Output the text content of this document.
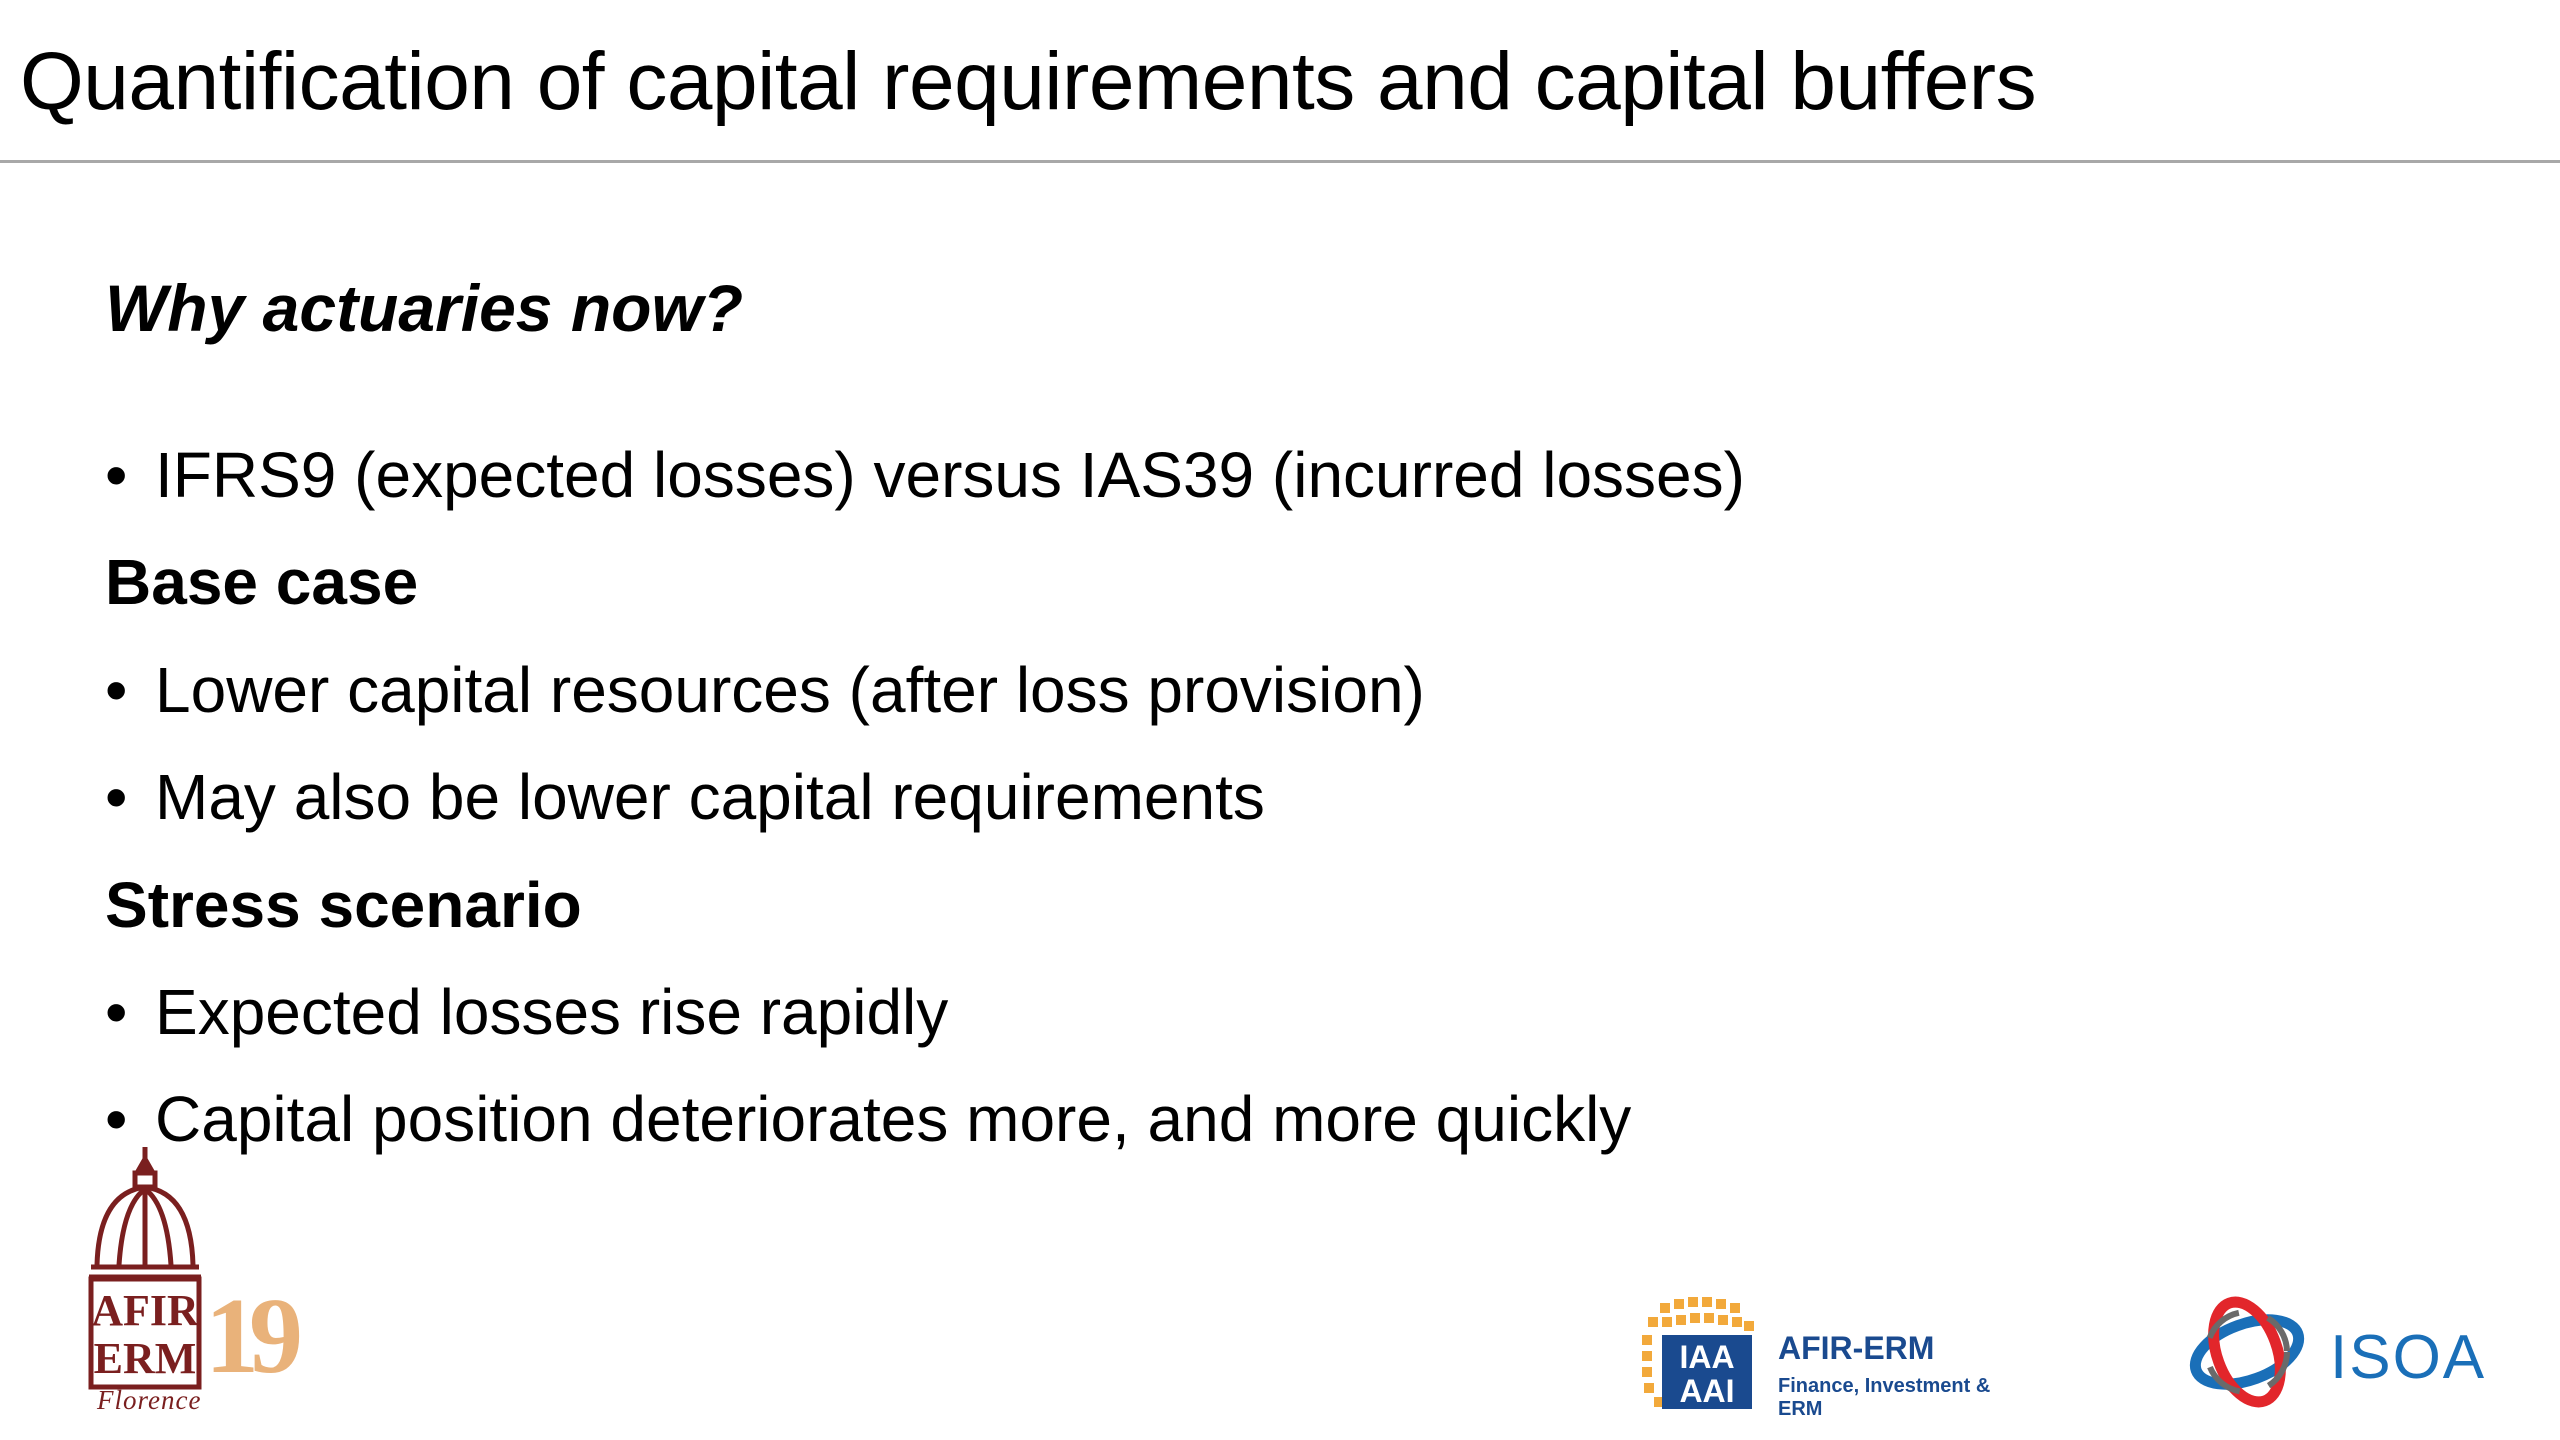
Quantification of capital requirements and capital buffers
Why actuaries now?
• IFRS9 (expected losses) versus IAS39 (incurred losses)
Base case
• Lower capital resources (after loss provision)
• May also be lower capital requirements
Stress scenario
• Expected losses rise rapidly
• Capital position deteriorates more, and more quickly
AFIR
ERM 19
Florence
IAA
AAI
AFIR-ERM
Finance, Investment & ERM
ISOA
